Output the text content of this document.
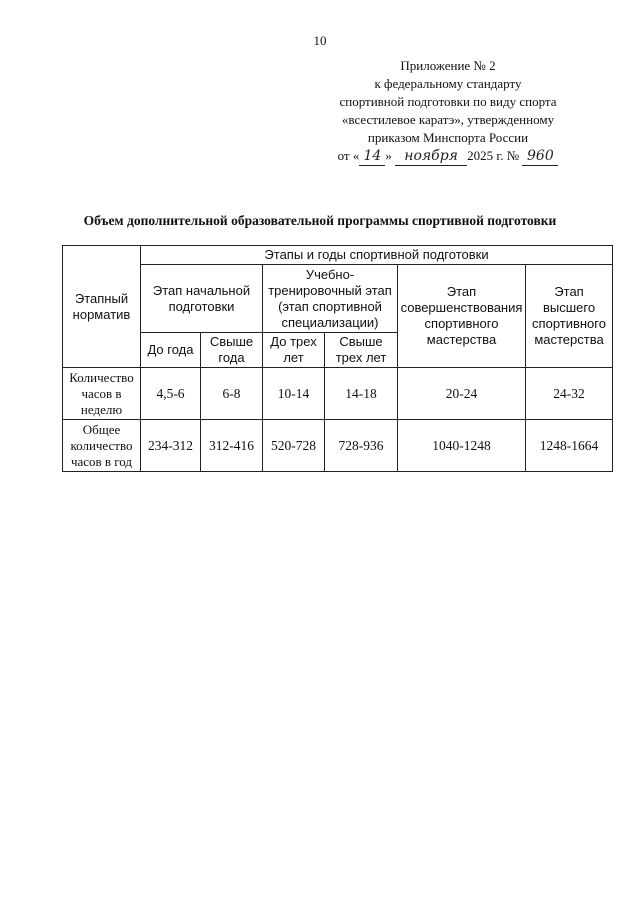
10
Приложение № 2
к федеральному стандарту
спортивной подготовки по виду спорта
«всестилевое каратэ», утвержденному
приказом Минспорта России
от « 14 » ноября 2025 г. № 960
Объем дополнительной образовательной программы спортивной подготовки
Этапный норматив	Этапы и годы спортивной подготовки					
	Этап начальной подготовки		Учебно-тренировочный этап (этап спортивной специализации)		Этап совершенствования спортивного мастерства	Этап высшего спортивного мастерства
	До года	Свыше года	До трех лет	Свыше трех лет		
Количество часов в неделю	4,5-6	6-8	10-14	14-18	20-24	24-32
Общее количество часов в год	234-312	312-416	520-728	728-936	1040-1248	1248-1664
